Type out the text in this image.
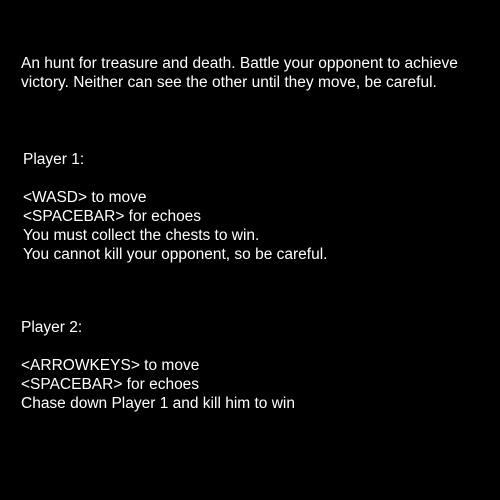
An hunt for treasure and death. Battle your opponent to achieve
victory. Neither can see the other until they move, be careful.
Player 1:
<WASD> to move
<SPACEBAR> for echoes
You must collect the chests to win.
You cannot kill your opponent, so be careful.
Player 2:
<ARROWKEYS> to move
<SPACEBAR> for echoes
Chase down Player 1 and kill him to win
